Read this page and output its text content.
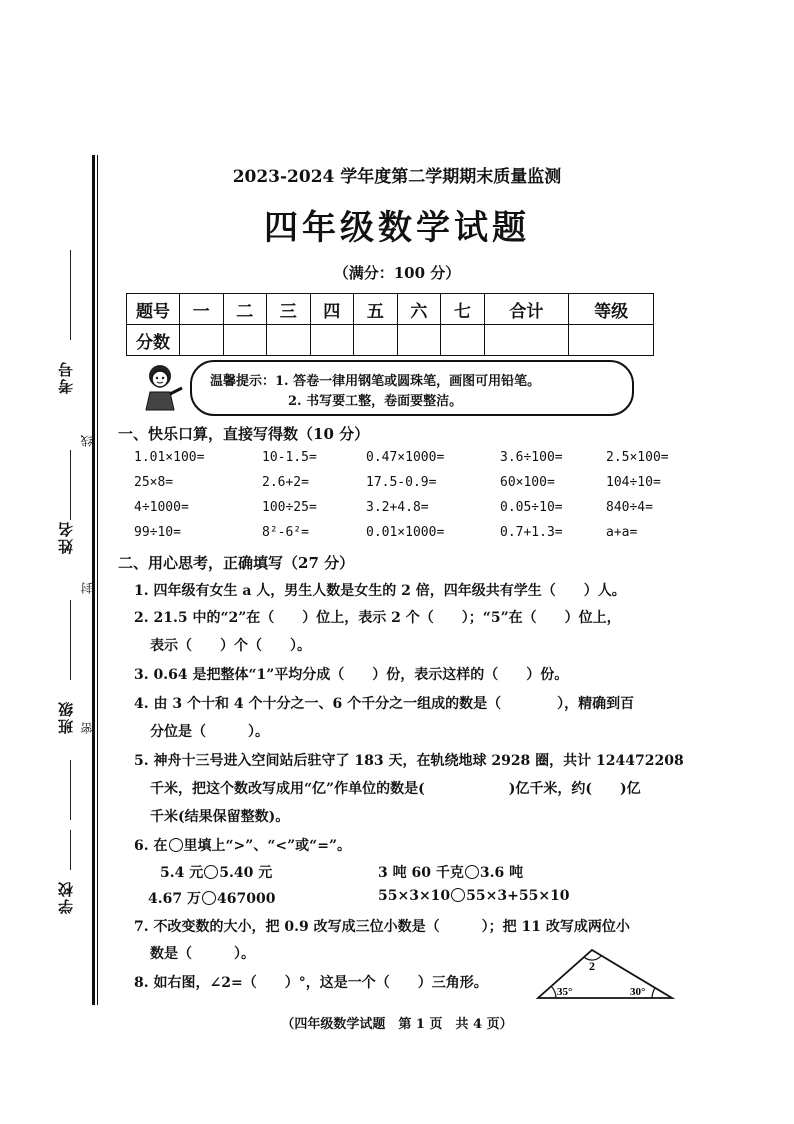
考号
线
姓名
封
班级 密
学校
2023-2024 学年度第二学期期末质量监测
四年级数学试题
（满分：100 分）
题号	一	二	三	四	五	六	七	合计	等级
分数									
温馨提示：1. 答卷一律用钢笔或圆珠笔，画图可用铅笔。
2. 书写要工整，卷面要整洁。
一、快乐口算，直接写得数（10 分）
1.01×100=	10-1.5=	0.47×1000=	3.6÷100=	2.5×100=
25×8=	2.6+2=	17.5-0.9=	60×100=	104÷10=
4÷1000=	100÷25=	3.2+4.8=	0.05÷10=	840÷4=
99÷10=	8²-6²=	0.01×1000=	0.7+1.3=	a+a=
二、用心思考，正确填写（27 分）
1. 四年级有女生 a 人，男生人数是女生的 2 倍，四年级共有学生（　　）人。
2. 21.5 中的“2”在（　　）位上，表示 2 个（　　）；“5”在（　　）位上，
表示（　　）个（　　）。
3. 0.64 是把整体“1”平均分成（　　）份，表示这样的（　　）份。
4. 由 3 个十和 4 个十分之一、6 个千分之一组成的数是（　　　　），精确到百
分位是（　　　）。
5. 神舟十三号进入空间站后驻守了 183 天，在轨绕地球 2928 圈，共计 124472208
千米，把这个数改写成用“亿”作单位的数是(　　　　　　)亿千米，约(　　)亿
千米(结果保留整数)。
6. 在 里填上“>”、“<”或“=”。
5.4 元 5.40 元	3 吨 60 千克 3.6 吨
4.67 万 467000	55×3×10 55×3+55×10
7. 不改变数的大小，把 0.9 改写成三位小数是（　　　）；把 11 改写成两位小
数是（　　　）。
8. 如右图，∠2=（　　）°，这是一个（　　）三角形。
2
35°	30°
（四年级数学试题　第 1 页　共 4 页）
